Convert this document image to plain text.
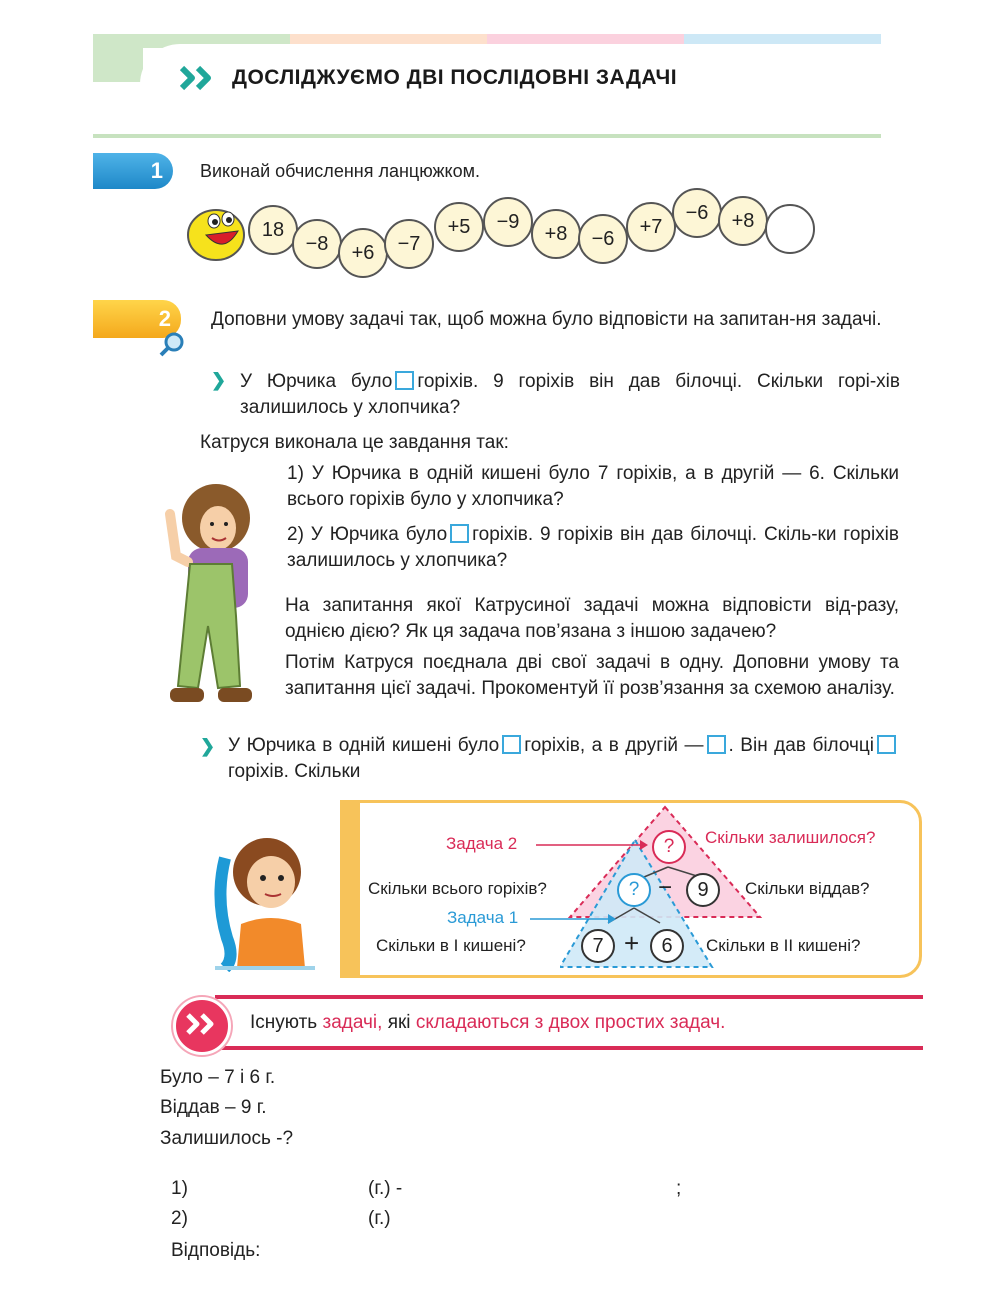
ДОСЛІДЖУЄМО ДВІ ПОСЛІДОВНІ ЗАДАЧІ
1	Виконай обчислення ланцюжком.
18
−8	+6	−7
+5	−9
+8	−6
+7
−6	+8
2	Доповни умову задачі так, щоб можна було відповісти на запитан-ня задачі.
❯ У Юрчика було горіхів. 9 горіхів він дав білочці. Скільки горі-хів залишилось у хлопчика?
Катруся виконала це завдання так:
1) У Юрчика в одній кишені було 7 горіхів, а в другій — 6. Скільки всього горіхів було у хлопчика?
2) У Юрчика було горіхів. 9 горіхів він дав білочці. Скіль-ки горіхів залишилось у хлопчика?
На запитання якої Катрусиної задачі можна відповісти від-разу, однією дією? Як ця задача пов’язана з іншою задачею?
Потім Катруся поєднала дві свої задачі в одну. Доповни умову та запитання цієї задачі. Прокоментуй її розв’язання за схемою аналізу.
❯ У Юрчика в одній кишені було горіхів, а в другій — . Він дав білочцігоріхів. Скільки
?
? −	9
7 +	6
Задача 2	Скільки залишилося?
Скільки всього горіхів?	Скільки віддав?
Задача 1
Скільки в I кишені?	Скільки в II кишені?
Існують задачі, які складаються з двох простих задач.
Було – 7 і 6 г.
Віддав – 9 г.
Залишилось -?
1)	(г.) -	;
2)	(г.)
Відповідь:
